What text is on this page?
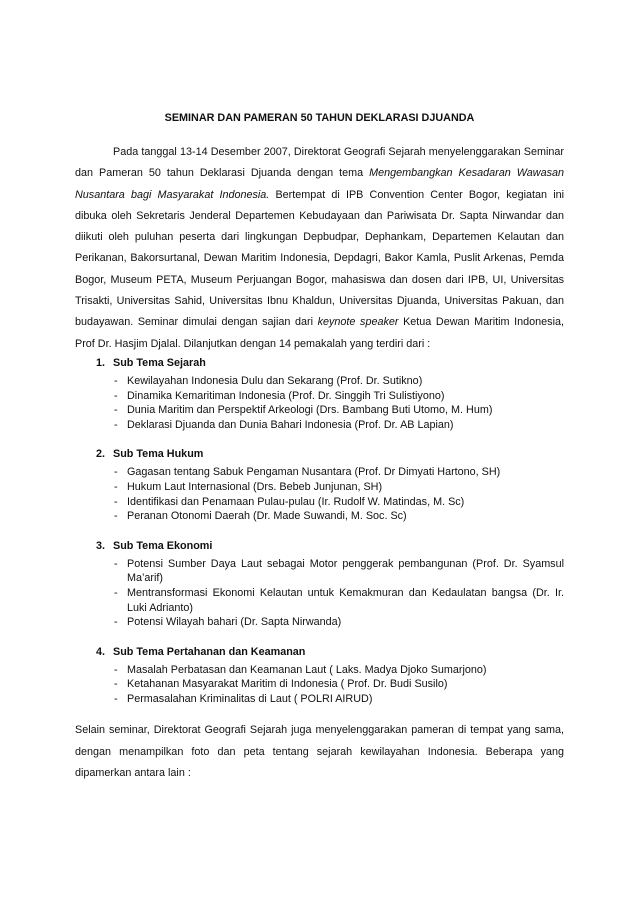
SEMINAR DAN PAMERAN 50 TAHUN DEKLARASI DJUANDA

Pada tanggal 13-14 Desember 2007, Direktorat Geografi Sejarah menyelenggarakan Seminar dan Pameran 50 tahun Deklarasi Djuanda dengan tema Mengembangkan Kesadaran Wawasan Nusantara bagi Masyarakat Indonesia. Bertempat di IPB Convention Center Bogor, kegiatan ini dibuka oleh Sekretaris Jenderal Departemen Kebudayaan dan Pariwisata Dr. Sapta Nirwandar dan diikuti oleh puluhan peserta dari lingkungan Depbudpar, Dephankam, Departemen Kelautan dan Perikanan, Bakorsurtanal, Dewan Maritim Indonesia, Depdagri, Bakor Kamla, Puslit Arkenas, Pemda Bogor, Museum PETA, Museum Perjuangan Bogor, mahasiswa dan dosen dari IPB, UI, Universitas Trisakti, Universitas Sahid, Universitas Ibnu Khaldun, Universitas Djuanda, Universitas Pakuan, dan budayawan. Seminar dimulai dengan sajian dari keynote speaker Ketua Dewan Maritim Indonesia, Prof Dr. Hasjim Djalal. Dilanjutkan dengan 14 pemakalah yang terdiri dari :

1. Sub Tema Sejarah
- Kewilayahan Indonesia Dulu dan Sekarang (Prof. Dr. Sutikno)
- Dinamika Kemaritiman Indonesia (Prof. Dr. Singgih Tri Sulistiyono)
- Dunia Maritim dan Perspektif Arkeologi (Drs. Bambang Buti Utomo, M. Hum)
- Deklarasi Djuanda dan Dunia Bahari Indonesia (Prof. Dr. AB Lapian)
2. Sub Tema Hukum
- Gagasan tentang Sabuk Pengaman Nusantara (Prof. Dr Dimyati Hartono, SH)
- Hukum Laut Internasional (Drs. Bebeb Junjunan, SH)
- Identifikasi dan Penamaan Pulau-pulau (Ir. Rudolf W. Matindas, M. Sc)
- Peranan Otonomi Daerah (Dr. Made Suwandi, M. Soc. Sc)
3. Sub Tema Ekonomi
- Potensi Sumber Daya Laut sebagai Motor penggerak pembangunan (Prof. Dr. Syamsul Ma’arif)
- Mentransformasi Ekonomi Kelautan untuk Kemakmuran dan Kedaulatan bangsa (Dr. Ir. Luki Adrianto)
- Potensi Wilayah bahari (Dr. Sapta Nirwanda)
4. Sub Tema Pertahanan dan Keamanan
- Masalah Perbatasan dan Keamanan Laut ( Laks. Madya Djoko Sumarjono)
- Ketahanan Masyarakat Maritim di Indonesia ( Prof. Dr. Budi Susilo)
- Permasalahan Kriminalitas di Laut ( POLRI AIRUD)

Selain seminar, Direktorat Geografi Sejarah juga menyelenggarakan pameran di tempat yang sama, dengan menampilkan foto dan peta tentang sejarah kewilayahan Indonesia. Beberapa yang dipamerkan antara lain :
